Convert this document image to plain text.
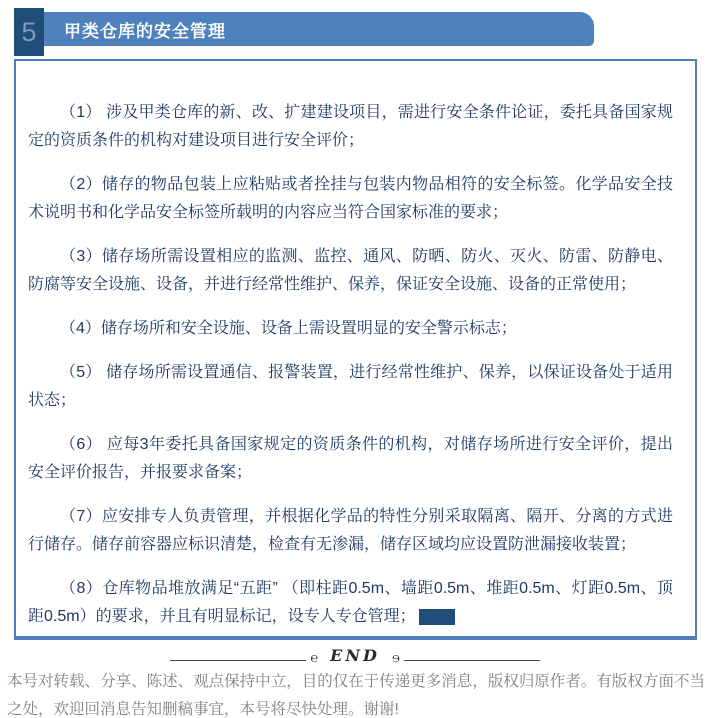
甲类仓库的安全管理
5

（1） 涉及甲类仓库的新、改、扩建建设项目，需进行安全条件论证，委托具备国家规定的资质条件的机构对建设项目进行安全评价；

（2）储存的物品包装上应粘贴或者拴挂与包装内物品相符的安全标签。化学品安全技术说明书和化学品安全标签所载明的内容应当符合国家标准的要求；

（3）储存场所需设置相应的监测、监控、通风、防晒、防火、灭火、防雷、防静电、防腐等安全设施、设备，并进行经常性维护、保养，保证安全设施、设备的正常使用；

（4）储存场所和安全设施、设备上需设置明显的安全警示标志；

（5） 储存场所需设置通信、报警装置，进行经常性维护、保养，以保证设备处于适用状态；

（6） 应每3年委托具备国家规定的资质条件的机构，对储存场所进行安全评价，提出安全评价报告，并报要求备案；

（7）应安排专人负责管理，并根据化学品的特性分别采取隔离、隔开、分离的方式进行储存。储存前容器应标识清楚，检查有无渗漏，储存区域均应设置防泄漏接收装置；

（8）仓库物品堆放满足“五距” （即柱距0.5m、墙距0.5m、堆距0.5m、灯距0.5m、顶距0.5m）的要求，并且有明显标记，设专人专仓管理；

℮ END ℮
本号对转载、分享、陈述、观点保持中立，目的仅在于传递更多消息，版权归原作者。有版权方面不当之处，欢迎回消息告知删稿事宜，本号将尽快处理。谢谢!
